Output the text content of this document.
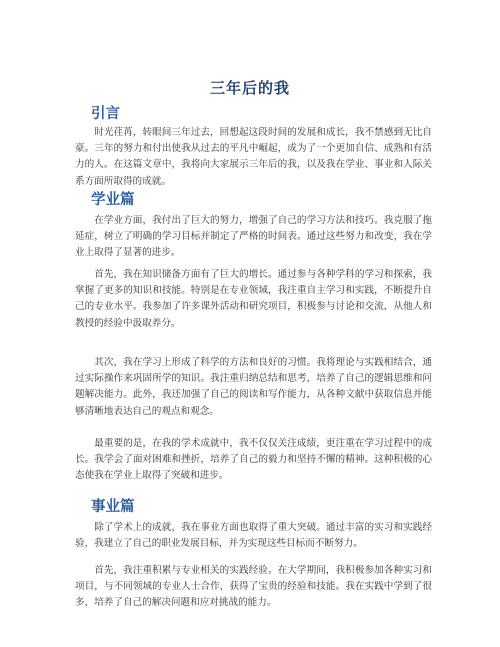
三年后的我
引言

时光荏苒，转眼间三年过去，回想起这段时间的发展和成长，我不禁感到无比自豪。三年的努力和付出使我从过去的平凡中崛起，成为了一个更加自信、成熟和有活力的人。在这篇文章中，我将向大家展示三年后的我，以及我在学业、事业和人际关系方面所取得的成就。

学业篇

在学业方面，我付出了巨大的努力，增强了自己的学习方法和技巧。我克服了拖延症，树立了明确的学习目标并制定了严格的时间表。通过这些努力和改变，我在学业上取得了显著的进步。

首先，我在知识储备方面有了巨大的增长。通过参与各种学科的学习和探索，我掌握了更多的知识和技能。特别是在专业领域，我注重自主学习和实践，不断提升自己的专业水平。我参加了许多课外活动和研究项目，积极参与讨论和交流，从他人和教授的经验中汲取养分。

其次，我在学习上形成了科学的方法和良好的习惯。我将理论与实践相结合，通过实际操作来巩固所学的知识。我注重归纳总结和思考，培养了自己的逻辑思维和问题解决能力。此外，我还加强了自己的阅读和写作能力，从各种文献中获取信息并能够清晰地表达自己的观点和观念。

最重要的是，在我的学术成就中，我不仅仅关注成绩，更注重在学习过程中的成长。我学会了面对困难和挫折，培养了自己的毅力和坚持不懈的精神。这种积极的心态使我在学业上取得了突破和进步。

事业篇

除了学术上的成就，我在事业方面也取得了重大突破。通过丰富的实习和实践经验，我建立了自己的职业发展目标，并为实现这些目标而不断努力。

首先，我注重积累与专业相关的实践经验。在大学期间，我积极参加各种实习和项目，与不同领域的专业人士合作，获得了宝贵的经验和技能。我在实践中学到了很多，培养了自己的解决问题和应对挑战的能力。
